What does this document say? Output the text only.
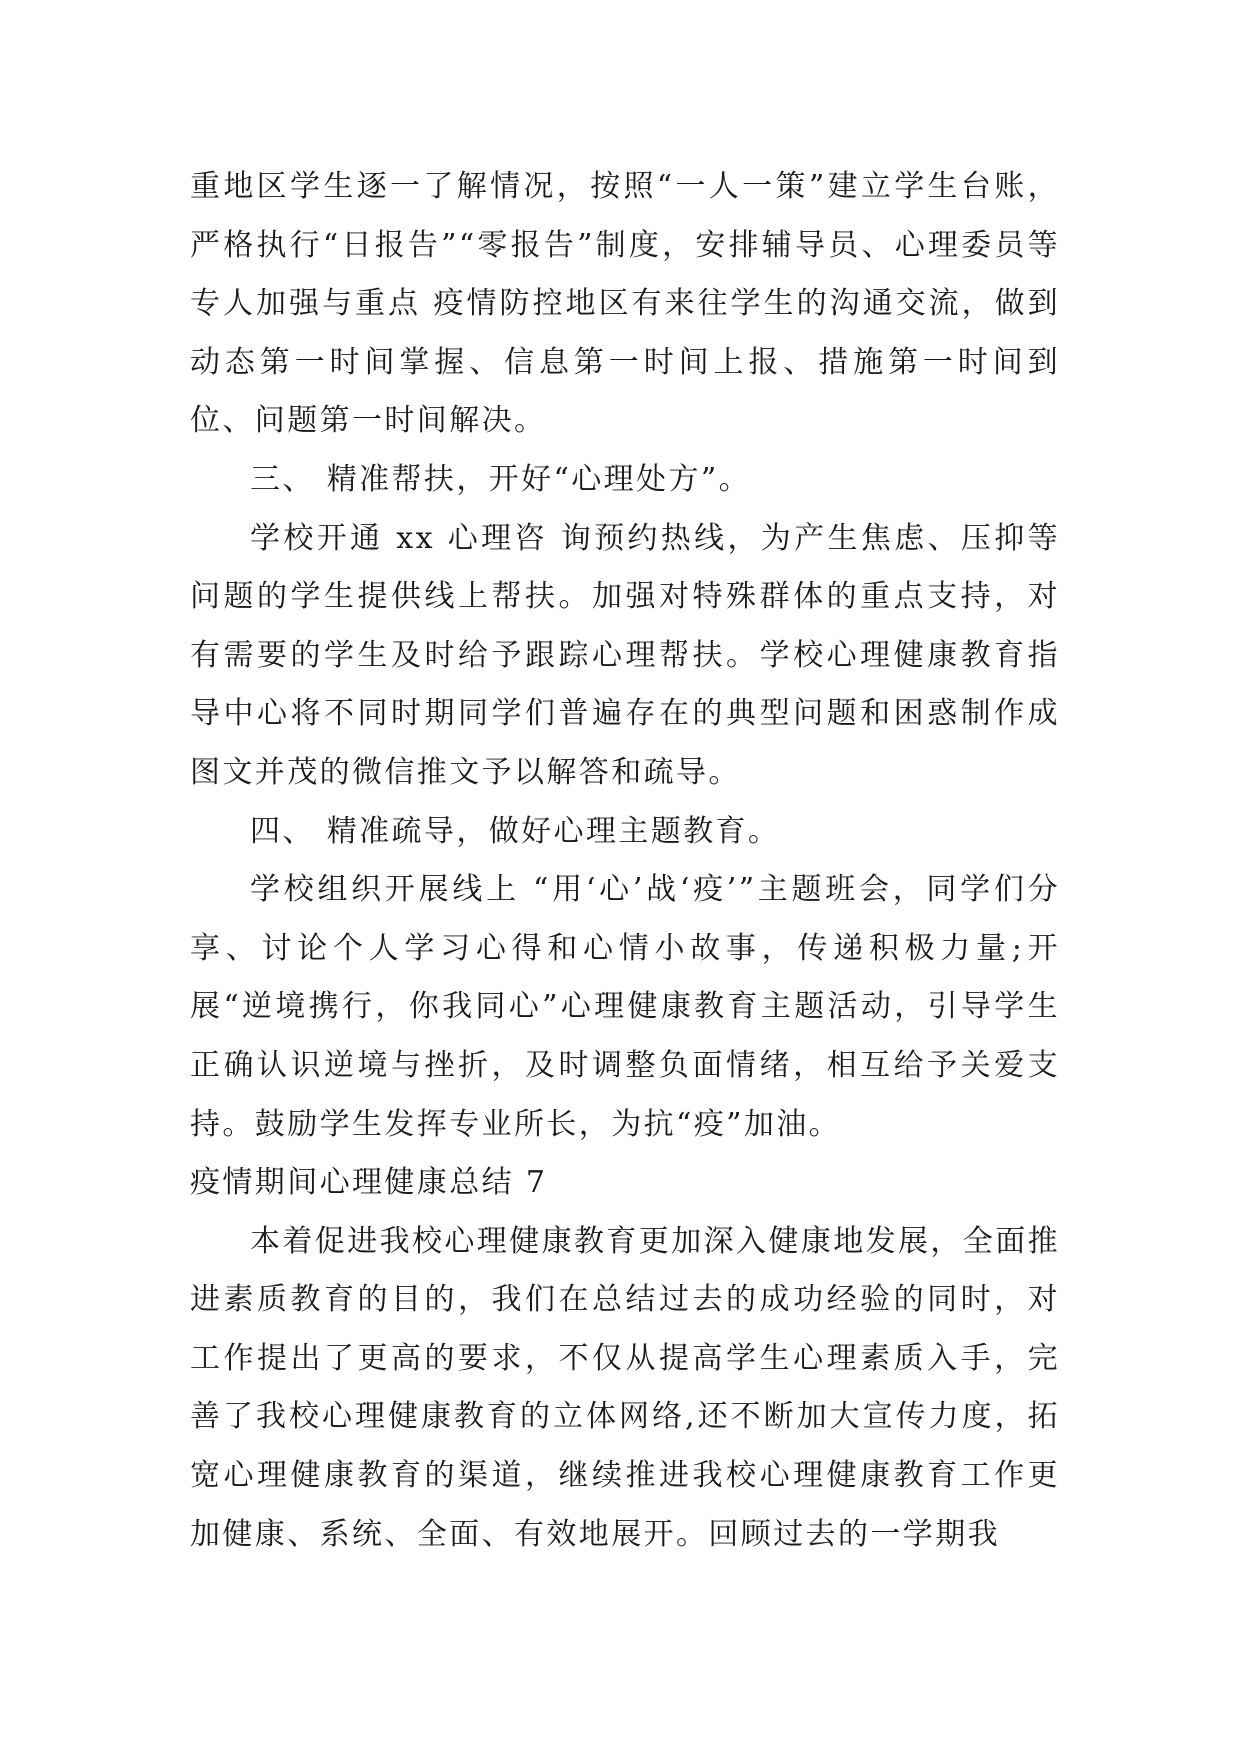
重地区学生逐一了解情况，按照“一人一策”建立学生台账，严格执行“日报告”“零报告”制度，安排辅导员、心理委员等专人加强与重点 疫情防控地区有来往学生的沟通交流，做到动态第一时间掌握、信息第一时间上报、措施第一时间到位、问题第一时间解决。

三、 精准帮扶，开好“心理处方”。

学校开通 xx 心理咨 询预约热线，为产生焦虑、压抑等问题的学生提供线上帮扶。加强对特殊群体的重点支持，对有需要的学生及时给予跟踪心理帮扶。学校心理健康教育指导中心将不同时期同学们普遍存在的典型问题和困惑制作成图文并茂的微信推文予以解答和疏导。

四、 精准疏导，做好心理主题教育。

学校组织开展线上 “用‘心’战‘疫’”主题班会，同学们分享、讨论个人学习心得和心情小故事，传递积极力量;开展“逆境携行，你我同心”心理健康教育主题活动，引导学生正确认识逆境与挫折，及时调整负面情绪，相互给予关爱支持。鼓励学生发挥专业所长，为抗“疫”加油。

疫情期间心理健康总结 7

本着促进我校心理健康教育更加深入健康地发展，全面推进素质教育的目的，我们在总结过去的成功经验的同时，对工作提出了更高的要求，不仅从提高学生心理素质入手，完善了我校心理健康教育的立体网络,还不断加大宣传力度，拓宽心理健康教育的渠道，继续推进我校心理健康教育工作更加健康、系统、全面、有效地展开。回顾过去的一学期我
